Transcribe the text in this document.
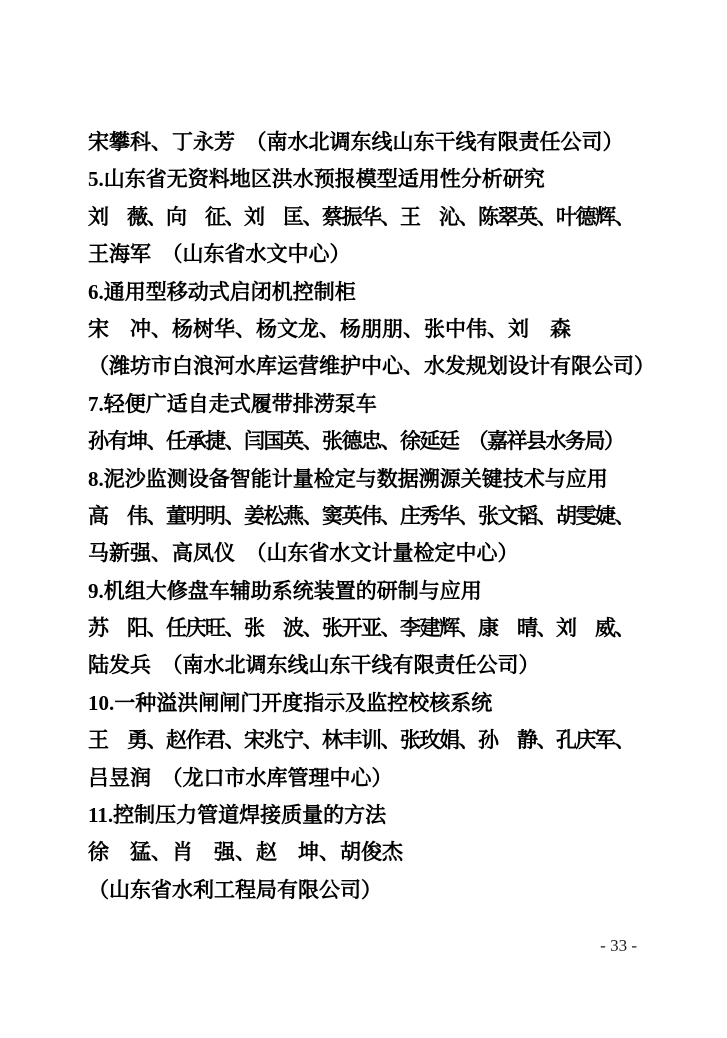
宋攀科、丁永芳　（南水北调东线山东干线有限责任公司）
5.山东省无资料地区洪水预报模型适用性分析研究
刘　薇、向　征、刘　匡、蔡振华、王　沁、陈翠英、叶德辉、
王海军　（山东省水文中心）
6.通用型移动式启闭机控制柜
宋　冲、杨树华、杨文龙、杨朋朋、张中伟、刘　森
（潍坊市白浪河水库运营维护中心、水发规划设计有限公司）
7.轻便广适自走式履带排涝泵车
孙有坤、任承捷、闫国英、张德忠、徐延廷　（嘉祥县水务局）
8.泥沙监测设备智能计量检定与数据溯源关键技术与应用
高　伟、董明明、姜松燕、窦英伟、庄秀华、张文韬、胡雯婕、
马新强、高凤仪　（山东省水文计量检定中心）
9.机组大修盘车辅助系统装置的研制与应用
苏　阳、任庆旺、张　波、张开亚、李建辉、康　晴、刘　威、
陆发兵　（南水北调东线山东干线有限责任公司）
10.一种溢洪闸闸门开度指示及监控校核系统
王　勇、赵作君、宋兆宁、林丰训、张玫娟、孙　静、孔庆军、
吕昱润　（龙口市水库管理中心）
11.控制压力管道焊接质量的方法
徐　猛、肖　强、赵　坤、胡俊杰
（山东省水利工程局有限公司）
- 33 -
